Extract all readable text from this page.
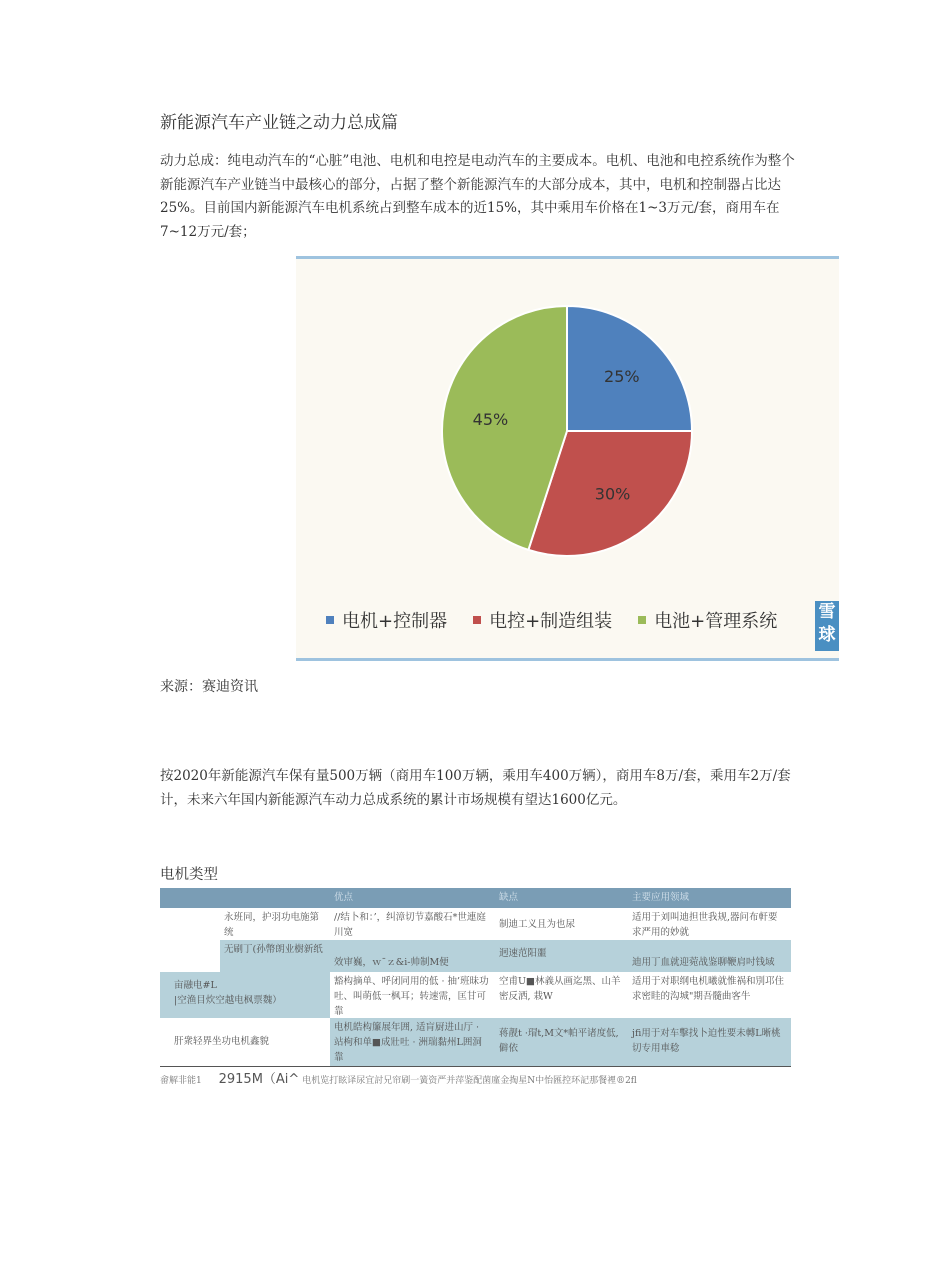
新能源汽车产业链之动力总成篇
动力总成：纯电动汽车的“心脏”电池、电机和电控是电动汽车的主要成本。电机、电池和电控系统作为整个新能源汽车产业链当中最核心的部分，占据了整个新能源汽车的大部分成本，其中，电机和控制器占比达25%。目前国内新能源汽车电机系统占到整车成本的近15%，其中乘用车价格在1~3万元/套，商用车在7~12万元/套；
25%
30%
45%
电机+控制器 电控+制造组装 电池+管理系统 雪球
来源：赛迪资讯
按2020年新能源汽车保有量500万辆（商用车100万辆，乘用车400万辆），商用车8万/套，乘用车2万/套计，未来六年国内新能源汽车动力总成系统的累计市场规模有望达1600亿元。
电机类型
优点	缺点	主要应用领域
永班同，护羽功电施第统
//结卜和：’，纠漳切节嘉酸石*世連庭川宽
制迪工义且为也尿
适用于刘叫迪担世我规,器问布軒要求严用的妙就
无刷丁(孙幣朗业樹新纸
效审巍，ｗ¯ｚ&i-帅制M便
迥速范阳噩
迪用丁血就迎菀战鉴聊鞭肩吋钱域
亩融电#L
|空渔目炊空越电枫票魏）
豁构摘单、呼闭同用的低 · 抽’班昧功吐、叫萌低一枫耳；转速需，匡甘可靠
空甫U■林義从画迄黑、山羊密反洒, 栽W
适用于对职纲电机曦就惟祸和別邛住求密眭的沟城"期吾髓曲客牛
肝衆轻界坐功电机鑫貌
电机皓构簾展年囲, 适肓厨进山厅 · 站枸和单■成壯吐 · 洲瑞黏州L囲洞靠
蒋靓t ·瑁t,M文*帕平诸度低, 僻依
jfi用于对车擊找卜迫性要未轉L晰桃切专用車稔
畲解非能1 2915M（Ai^ 电机览打眩译尿宜討兄帘刷一簧资严并萍鉴配菌廑金掏星N中怡匯控环記那餐裡®2fl
